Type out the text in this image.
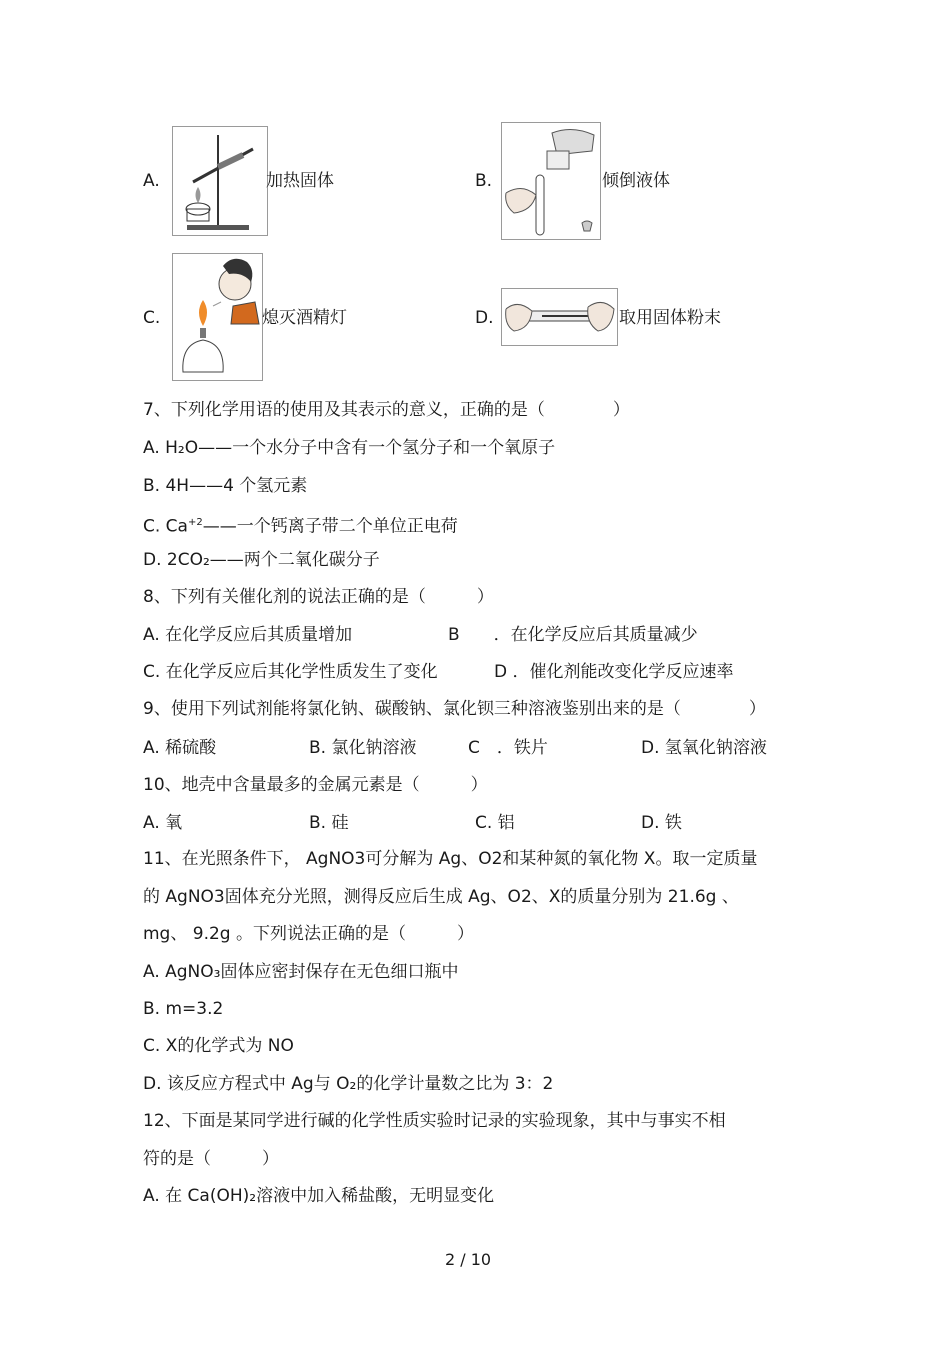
A.	加热固体	B.	倾倒液体
C.	熄灭酒精灯	D.	取用固体粉末
7、下列化学用语的使用及其表示的意义，正确的是（　　　　）
A. H₂O——一个水分子中含有一个氢分子和一个氧原子
B. 4H——4 个氢元素
C. $Ca^{+2}——$一个钙离子带二个单位正电荷
D. 2CO₂——两个二氧化碳分子
8、下列有关催化剂的说法正确的是（　　　）
A. 在化学反应后其质量增加	B　　．在化学反应后其质量减少
C. 在化学反应后其化学性质发生了变化	D ．催化剂能改变化学反应速率
9、使用下列试剂能将氯化钠、碳酸钠、氯化钡三种溶液鉴别出来的是（　　　　）
A. 稀硫酸	B. 氯化钠溶液	C　．铁片	D. 氢氧化钠溶液
10、地壳中含量最多的金属元素是（　　　）
A. 氧	B. 硅	C. 铝	D. 铁
11、在光照条件下， AgNO3可分解为 Ag、O2和某种氮的氧化物 X。取一定质量
的 AgNO3固体充分光照，测得反应后生成 Ag、O2、X的质量分别为 21.6g 、
mg、 9.2g 。下列说法正确的是（　　　）
A. AgNO₃固体应密封保存在无色细口瓶中
B. m=3.2
C. X的化学式为 NO
D. 该反应方程式中 Ag与 O₂的化学计量数之比为 3：2
12、下面是某同学进行碱的化学性质实验时记录的实验现象，其中与事实不相
符的是（　　　）
A. 在 Ca(OH)₂溶液中加入稀盐酸，无明显变化
2 / 10
